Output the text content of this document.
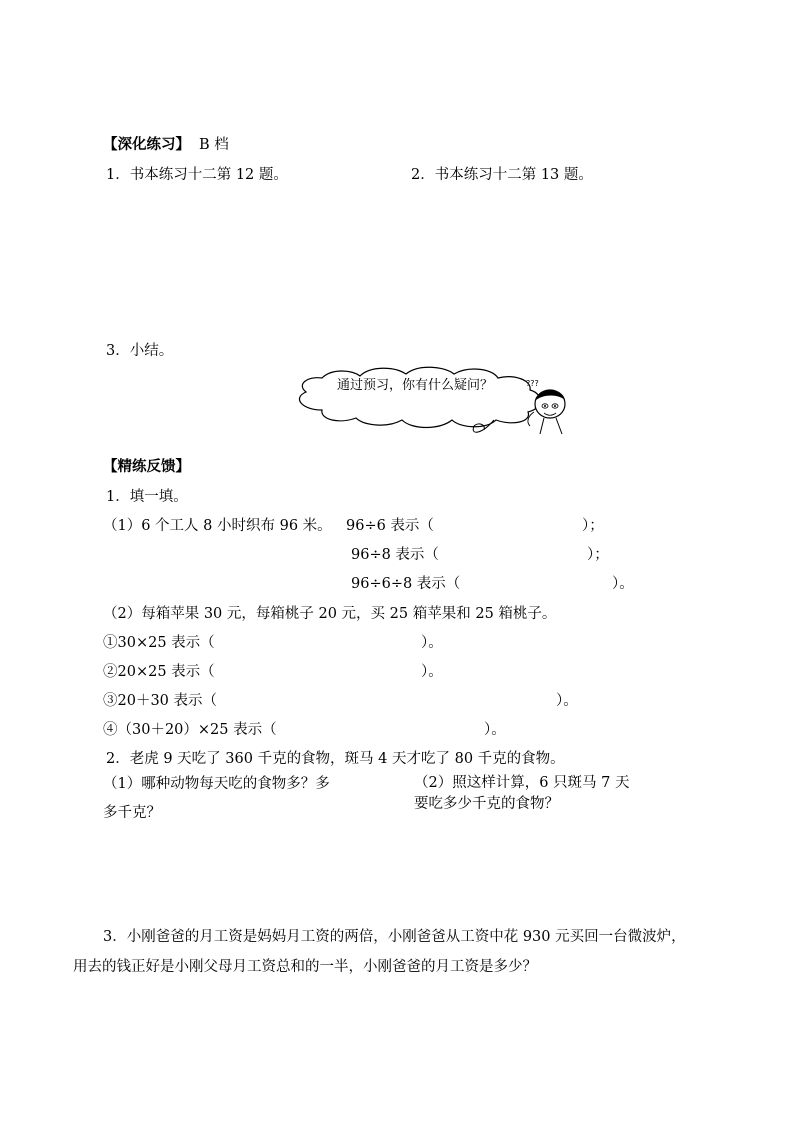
【深化练习】 B 档
1．书本练习十二第 12 题。	2．书本练习十二第 13 题。
3．小结。
???
通过预习，你有什么疑问？
【精练反馈】
1．填一填。
（1）6 个工人 8 小时织布 96 米。 96÷6 表示（	）；
96÷8 表示（	）；
96÷6÷8 表示（	）。
（2）每箱苹果 30 元，每箱桃子 20 元，买 25 箱苹果和 25 箱桃子。
①30×25 表示（	）。
②20×25 表示（	）。
③20＋30 表示（	）。
④（30＋20）×25 表示（	）。
2．老虎 9 天吃了 360 千克的食物，斑马 4 天才吃了 80 千克的食物。
（1）哪种动物每天吃的食物多？多
多千克？
（2）照这样计算，6 只斑马 7 天
要吃多少千克的食物？
3．小刚爸爸的月工资是妈妈月工资的两倍，小刚爸爸从工资中花 930 元买回一台微波炉，
用去的钱正好是小刚父母月工资总和的一半，小刚爸爸的月工资是多少？
